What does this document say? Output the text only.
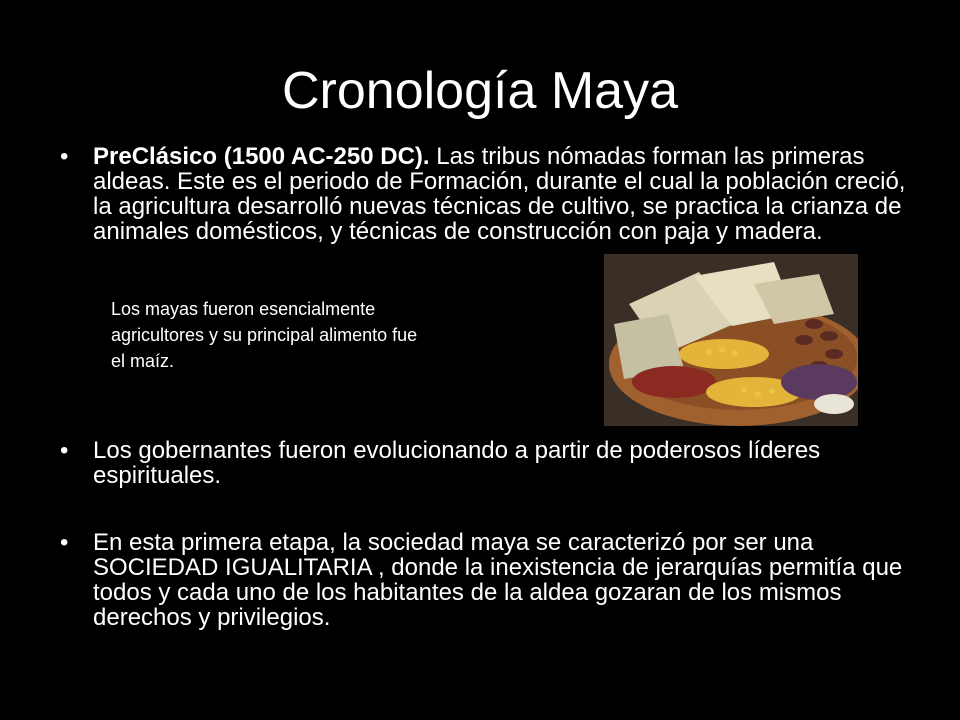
Cronología Maya
•	PreClásico (1500 AC-250 DC). Las tribus nómadas forman las primeras aldeas. Este es el periodo de Formación, durante el cual la población creció, la agricultura desarrolló nuevas técnicas de cultivo, se practica la crianza de animales domésticos, y técnicas de construcción con paja y madera.
Los mayas fueron esencialmente
agricultores y su principal alimento fue
el maíz.
•	Los gobernantes fueron evolucionando a partir de poderosos líderes espirituales.
•	En esta primera etapa, la sociedad maya se caracterizó por ser una SOCIEDAD IGUALITARIA , donde la inexistencia de jerarquías permitía que todos y cada uno de los habitantes de la aldea gozaran de los mismos derechos y privilegios.
